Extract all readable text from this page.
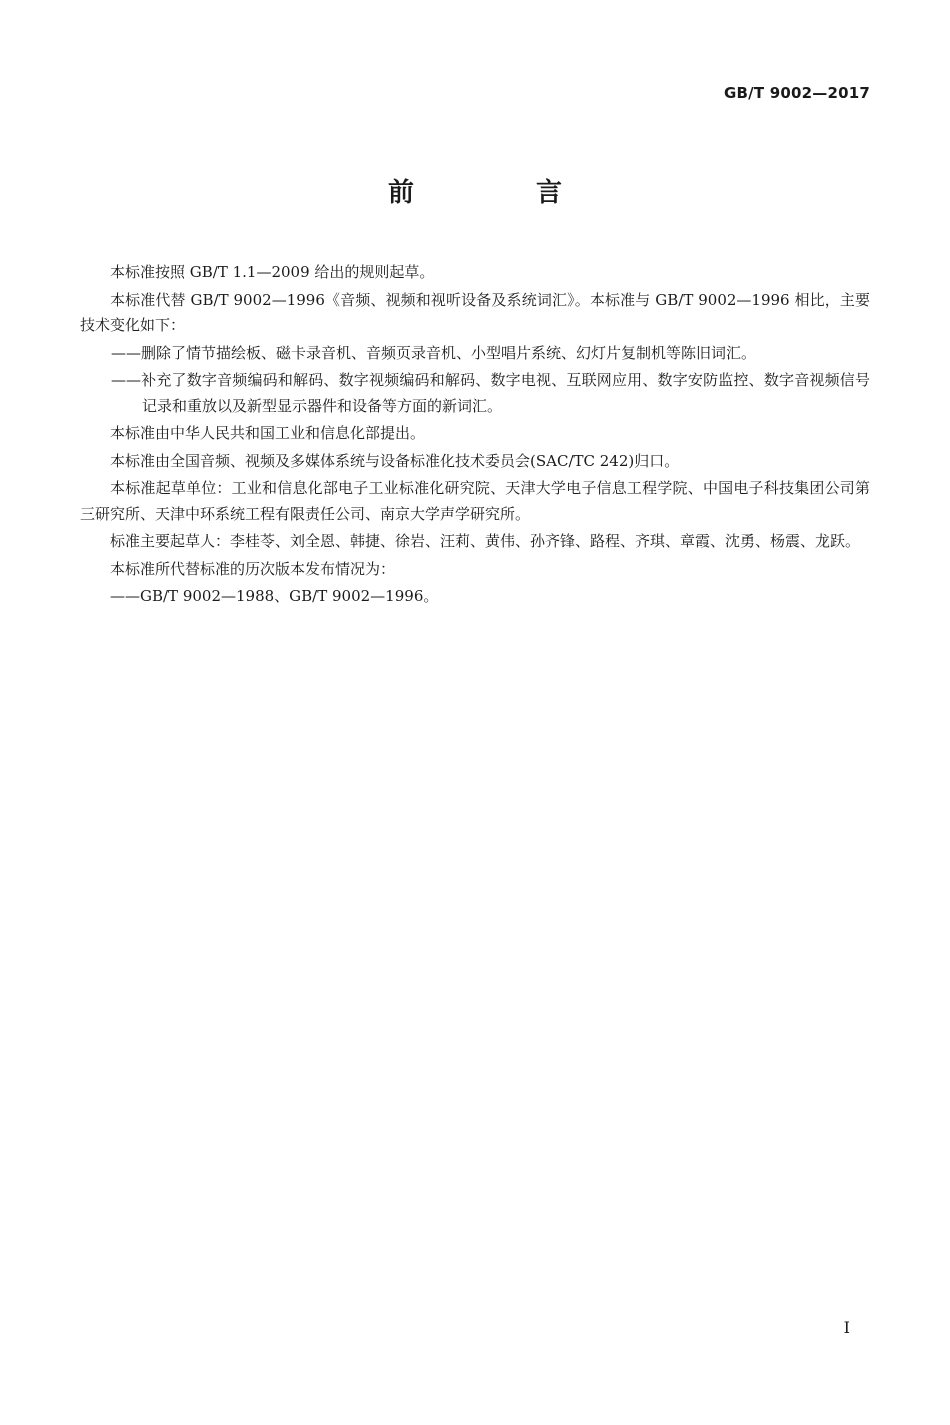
GB/T 9002—2017
前　言

本标准按照 GB/T 1.1—2009 给出的规则起草。

本标准代替 GB/T 9002—1996《音频、视频和视听设备及系统词汇》。本标准与 GB/T 9002—1996 相比，主要技术变化如下：

——删除了情节描绘板、磁卡录音机、音频页录音机、小型唱片系统、幻灯片复制机等陈旧词汇。

——补充了数字音频编码和解码、数字视频编码和解码、数字电视、互联网应用、数字安防监控、数字音视频信号记录和重放以及新型显示器件和设备等方面的新词汇。

本标准由中华人民共和国工业和信息化部提出。

本标准由全国音频、视频及多媒体系统与设备标准化技术委员会(SAC/TC 242)归口。

本标准起草单位：工业和信息化部电子工业标准化研究院、天津大学电子信息工程学院、中国电子科技集团公司第三研究所、天津中环系统工程有限责任公司、南京大学声学研究所。

标准主要起草人：李桂苓、刘全恩、韩捷、徐岩、汪莉、黄伟、孙齐锋、路程、齐琪、章霞、沈勇、杨震、龙跃。

本标准所代替标准的历次版本发布情况为：

——GB/T 9002—1988、GB/T 9002—1996。

I
